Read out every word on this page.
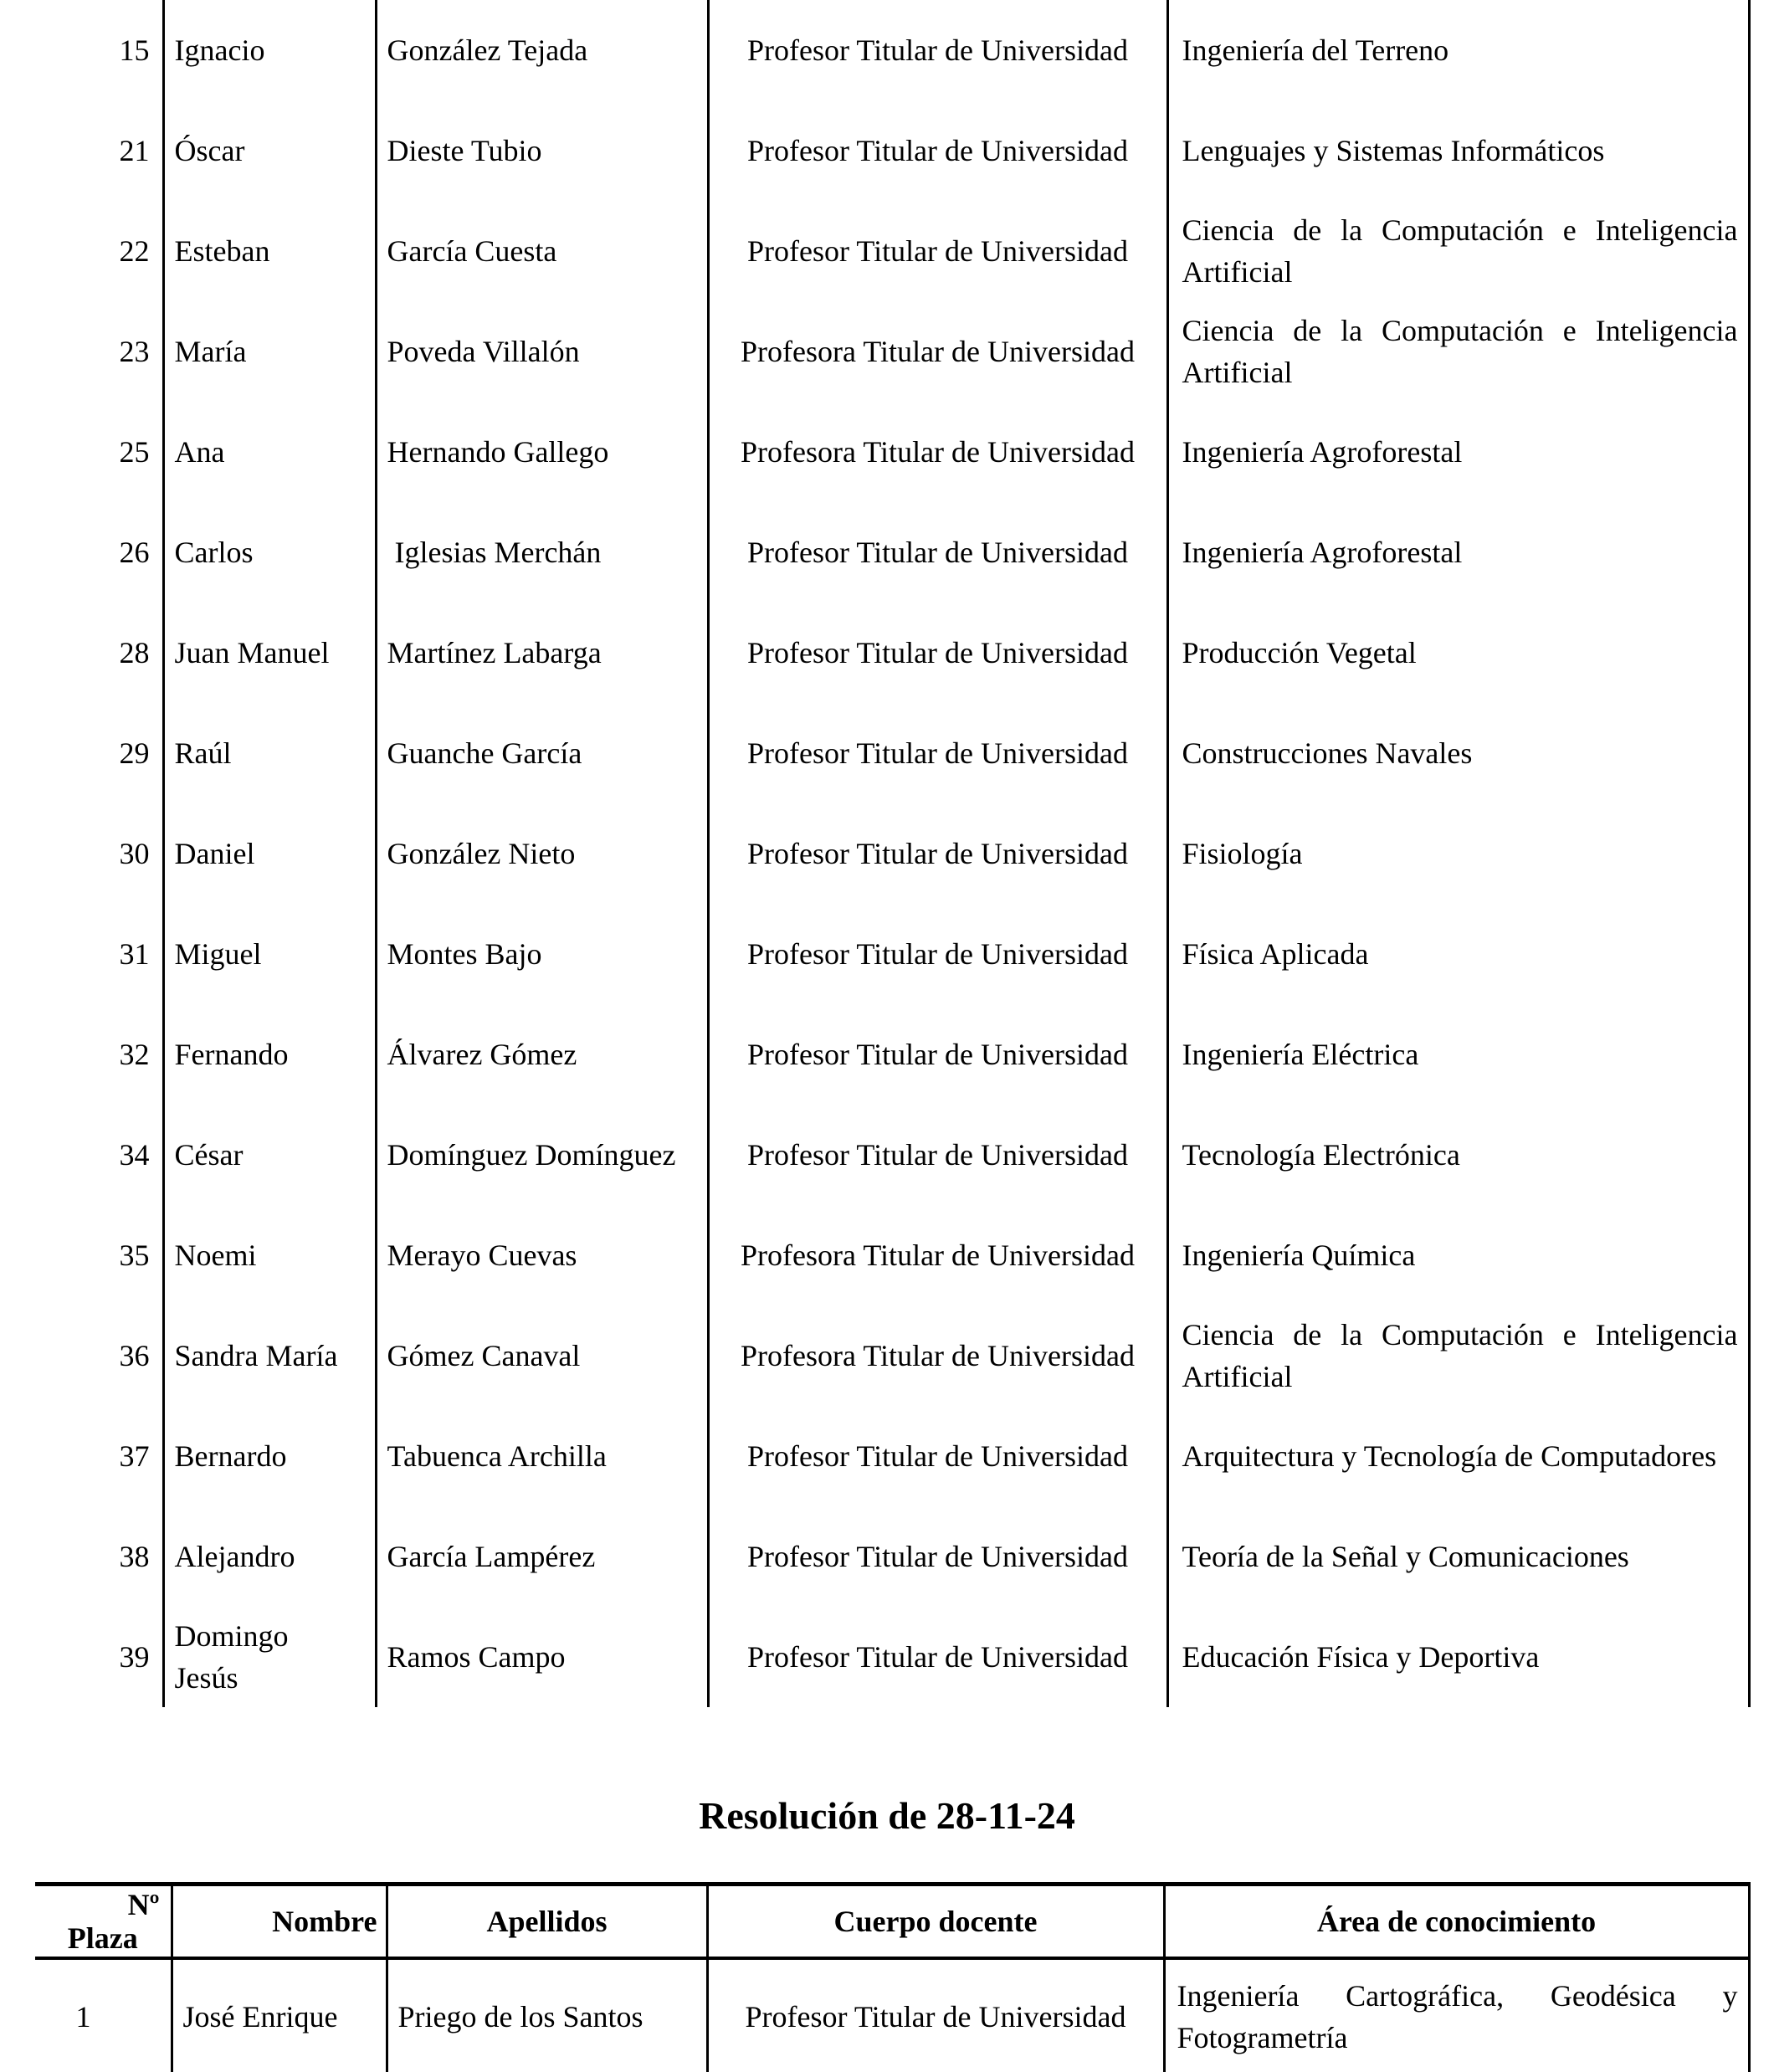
15	Ignacio	González Tejada	Profesor Titular de Universidad	Ingeniería del Terreno
21	Óscar	Dieste Tubio	Profesor Titular de Universidad	Lenguajes y Sistemas Informáticos
22	Esteban	García Cuesta	Profesor Titular de Universidad	Ciencia de la Computación e Inteligencia Artificial
23	María	Poveda Villalón	Profesora Titular de Universidad	Ciencia de la Computación e Inteligencia Artificial
25	Ana	Hernando Gallego	Profesora Titular de Universidad	Ingeniería Agroforestal
26	Carlos	Iglesias Merchán	Profesor Titular de Universidad	Ingeniería Agroforestal
28	Juan Manuel	Martínez Labarga	Profesor Titular de Universidad	Producción Vegetal
29	Raúl	Guanche García	Profesor Titular de Universidad	Construcciones Navales
30	Daniel	González Nieto	Profesor Titular de Universidad	Fisiología
31	Miguel	Montes Bajo	Profesor Titular de Universidad	Física Aplicada
32	Fernando	Álvarez Gómez	Profesor Titular de Universidad	Ingeniería Eléctrica
34	César	Domínguez Domínguez	Profesor Titular de Universidad	Tecnología Electrónica
35	Noemi	Merayo Cuevas	Profesora Titular de Universidad	Ingeniería Química
36	Sandra María	Gómez Canaval	Profesora Titular de Universidad	Ciencia de la Computación e Inteligencia Artificial
37	Bernardo	Tabuenca Archilla	Profesor Titular de Universidad	Arquitectura y Tecnología de Computadores
38	Alejandro	García Lampérez	Profesor Titular de Universidad	Teoría de la Señal y Comunicaciones
39	Domingo Jesús	Ramos Campo	Profesor Titular de Universidad	Educación Física y Deportiva
Resolución de 28-11-24
Nº
Plaza	Nombre	Apellidos	Cuerpo docente	Área de conocimiento
1	José Enrique	Priego de los Santos	Profesor Titular de Universidad	Ingeniería Cartográfica, Geodésica y Fotogrametría
